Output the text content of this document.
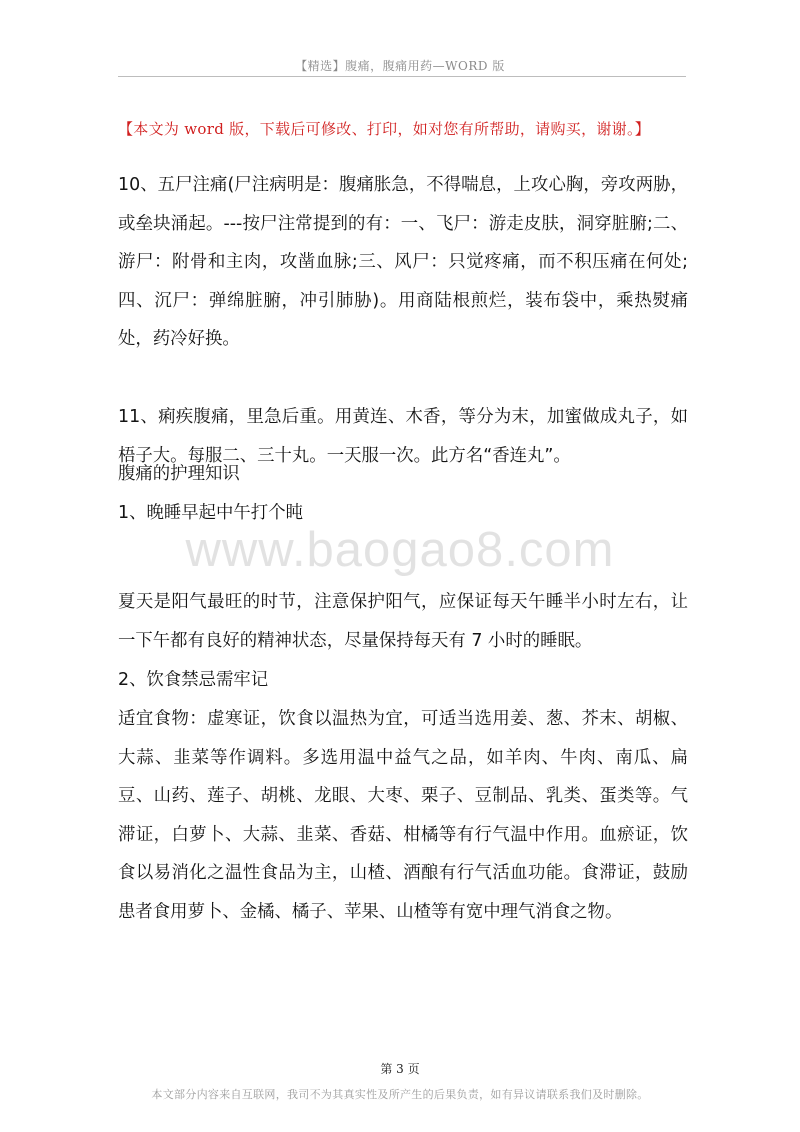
【精选】腹痛，腹痛用药—WORD 版
【本文为 word 版，下载后可修改、打印，如对您有所帮助，请购买，谢谢。】

10、五尸注痛(尸注病明是：腹痛胀急，不得喘息，上攻心胸，旁攻两胁，或垒块涌起。---按尸注常提到的有：一、飞尸：游走皮肤，洞穿脏腑;二、游尸：附骨和主肉，攻凿血脉;三、风尸：只觉疼痛，而不积压痛在何处;四、沉尸：弹绵脏腑，冲引肺胁)。用商陆根煎烂，装布袋中，乘热熨痛处，药冷好换。

11、痢疾腹痛，里急后重。用黄连、木香，等分为末，加蜜做成丸子，如梧子大。每服二、三十丸。一天服一次。此方名“香连丸”。

腹痛的护理知识
1、晚睡早起中午打个盹
www.baogao8.com

夏天是阳气最旺的时节，注意保护阳气，应保证每天午睡半小时左右，让一下午都有良好的精神状态，尽量保持每天有 7 小时的睡眠。

2、饮食禁忌需牢记

适宜食物：虚寒证，饮食以温热为宜，可适当选用姜、葱、芥末、胡椒、大蒜、韭菜等作调料。多选用温中益气之品，如羊肉、牛肉、南瓜、扁豆、山药、莲子、胡桃、龙眼、大枣、栗子、豆制品、乳类、蛋类等。气滞证，白萝卜、大蒜、韭菜、香菇、柑橘等有行气温中作用。血瘀证，饮食以易消化之温性食品为主，山楂、酒酿有行气活血功能。食滞证，鼓励患者食用萝卜、金橘、橘子、苹果、山楂等有宽中理气消食之物。

第 3 页
本文部分内容来自互联网，我司不为其真实性及所产生的后果负责，如有异议请联系我们及时删除。
